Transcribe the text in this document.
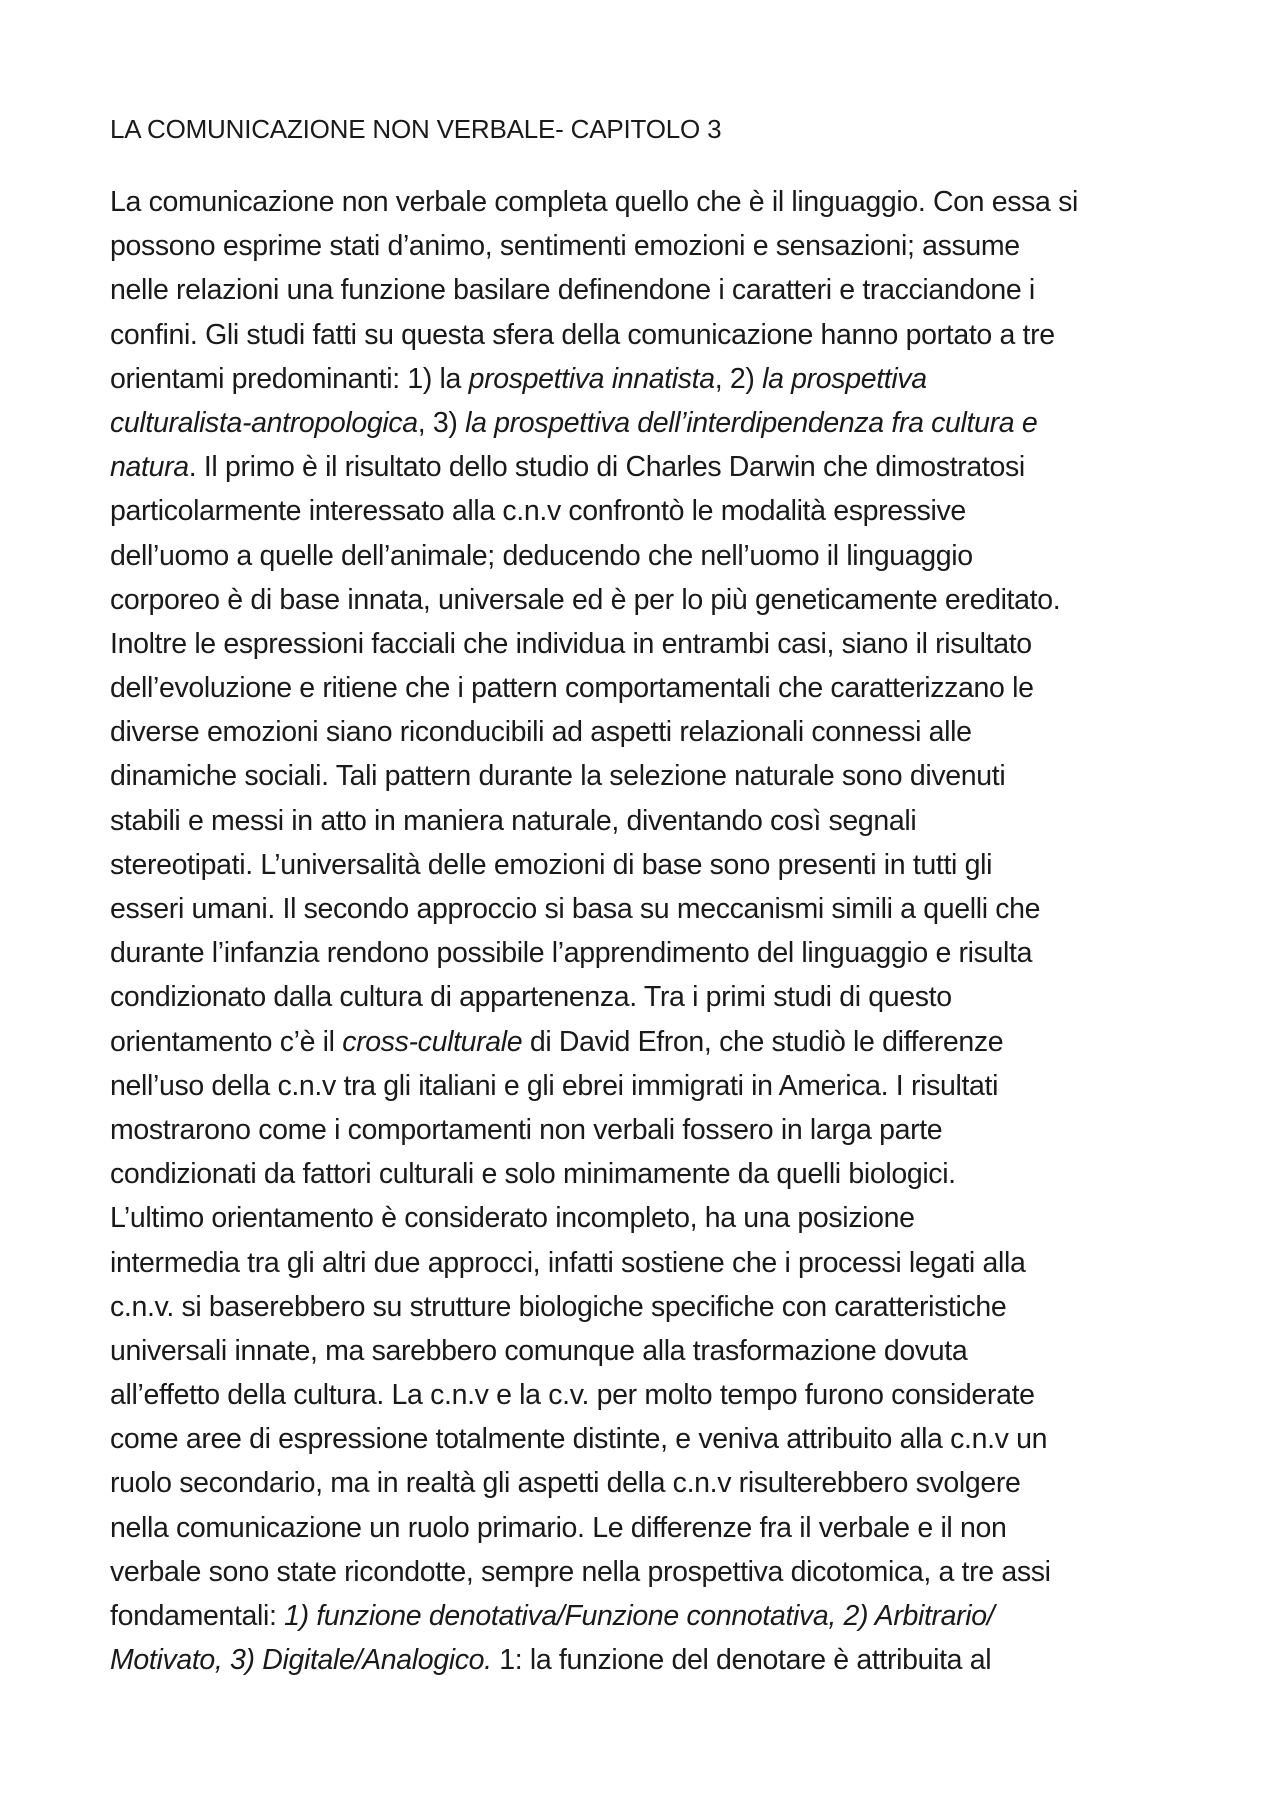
LA COMUNICAZIONE NON VERBALE- CAPITOLO 3
La comunicazione non verbale completa quello che è il linguaggio. Con essa si
possono esprime stati d’animo, sentimenti emozioni e sensazioni; assume
nelle relazioni una funzione basilare definendone i caratteri e tracciandone i
confini. Gli studi fatti su questa sfera della comunicazione hanno portato a tre
orientami predominanti: 1) la prospettiva innatista, 2) la prospettiva
culturalista-antropologica, 3) la prospettiva dell’interdipendenza fra cultura e
natura. Il primo è il risultato dello studio di Charles Darwin che dimostratosi
particolarmente interessato alla c.n.v confrontò le modalità espressive
dell’uomo a quelle dell’animale; deducendo che nell’uomo il linguaggio
corporeo è di base innata, universale ed è per lo più geneticamente ereditato.
Inoltre le espressioni facciali che individua in entrambi casi, siano il risultato
dell’evoluzione e ritiene che i pattern comportamentali che caratterizzano le
diverse emozioni siano riconducibili ad aspetti relazionali connessi alle
dinamiche sociali. Tali pattern durante la selezione naturale sono divenuti
stabili e messi in atto in maniera naturale, diventando così segnali
stereotipati. L’universalità delle emozioni di base sono presenti in tutti gli
esseri umani. Il secondo approccio si basa su meccanismi simili a quelli che
durante l’infanzia rendono possibile l’apprendimento del linguaggio e risulta
condizionato dalla cultura di appartenenza. Tra i primi studi di questo
orientamento c’è il cross-culturale di David Efron, che studiò le differenze
nell’uso della c.n.v tra gli italiani e gli ebrei immigrati in America. I risultati
mostrarono come i comportamenti non verbali fossero in larga parte
condizionati da fattori culturali e solo minimamente da quelli biologici.
L’ultimo orientamento è considerato incompleto, ha una posizione
intermedia tra gli altri due approcci, infatti sostiene che i processi legati alla
c.n.v. si baserebbero su strutture biologiche specifiche con caratteristiche
universali innate, ma sarebbero comunque alla trasformazione dovuta
all’effetto della cultura. La c.n.v e la c.v. per molto tempo furono considerate
come aree di espressione totalmente distinte, e veniva attribuito alla c.n.v un
ruolo secondario, ma in realtà gli aspetti della c.n.v risulterebbero svolgere
nella comunicazione un ruolo primario. Le differenze fra il verbale e il non
verbale sono state ricondotte, sempre nella prospettiva dicotomica, a tre assi
fondamentali: 1) funzione denotativa/Funzione connotativa, 2) Arbitrario/
Motivato, 3) Digitale/Analogico. 1: la funzione del denotare è attribuita al
